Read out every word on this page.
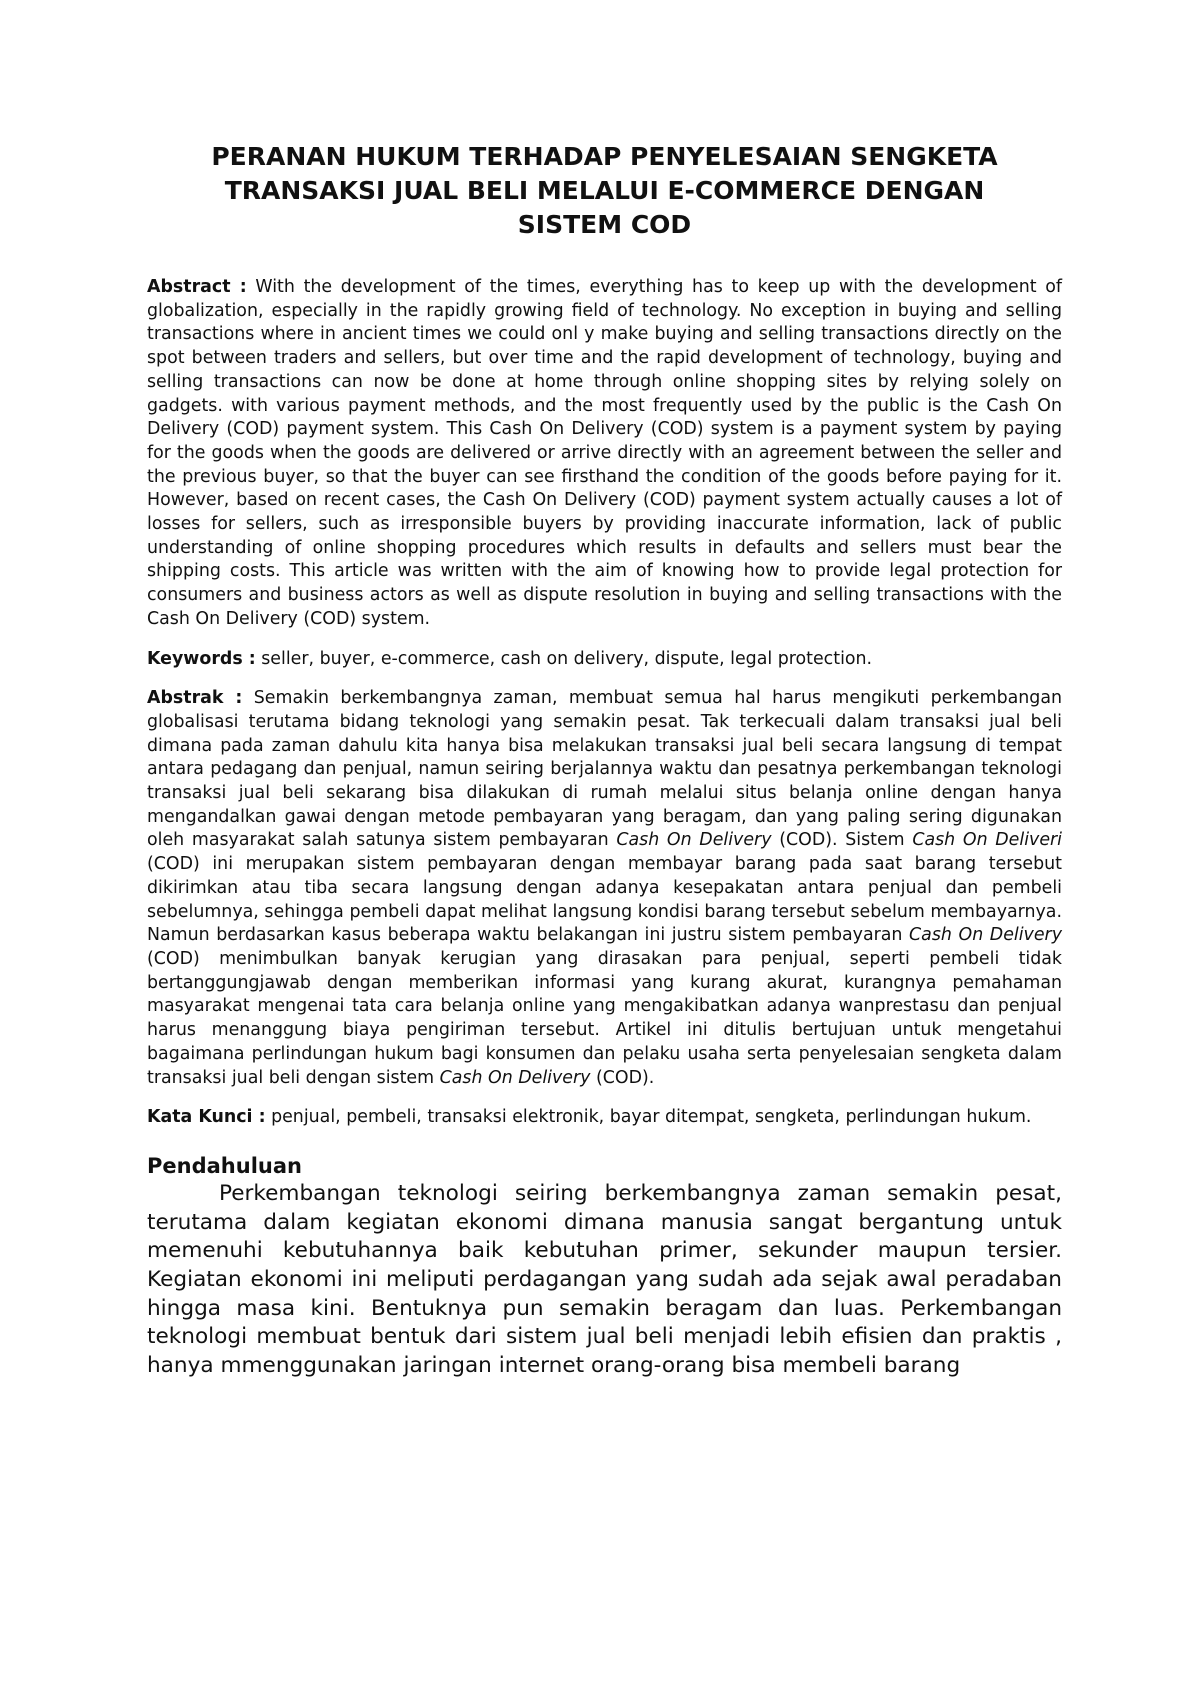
PERANAN HUKUM TERHADAP PENYELESAIAN SENGKETA
TRANSAKSI JUAL BELI MELALUI E-COMMERCE DENGAN
SISTEM COD

Abstract : With the development of the times, everything has to keep up with the development of globalization, especially in the rapidly growing field of technology. No exception in buying and selling transactions where in ancient times we could onl y make buying and selling transactions directly on the spot between traders and sellers, but over time and the rapid development of technology, buying and selling transactions can now be done at home through online shopping sites by relying solely on gadgets. with various payment methods, and the most frequently used by the public is the Cash On Delivery (COD) payment system. This Cash On Delivery (COD) system is a payment system by paying for the goods when the goods are delivered or arrive directly with an agreement between the seller and the previous buyer, so that the buyer can see firsthand the condition of the goods before paying for it. However, based on recent cases, the Cash On Delivery (COD) payment system actually causes a lot of losses for sellers, such as irresponsible buyers by providing inaccurate information, lack of public understanding of online shopping procedures which results in defaults and sellers must bear the shipping costs. This article was written with the aim of knowing how to provide legal protection for consumers and business actors as well as dispute resolution in buying and selling transactions with the Cash On Delivery (COD) system.

Keywords : seller, buyer, e-commerce, cash on delivery, dispute, legal protection.

Abstrak : Semakin berkembangnya zaman, membuat semua hal harus mengikuti perkembangan globalisasi terutama bidang teknologi yang semakin pesat. Tak terkecuali dalam transaksi jual beli dimana pada zaman dahulu kita hanya bisa melakukan transaksi jual beli secara langsung di tempat antara pedagang dan penjual, namun seiring berjalannya waktu dan pesatnya perkembangan teknologi transaksi jual beli sekarang bisa dilakukan di rumah melalui situs belanja online dengan hanya mengandalkan gawai dengan metode pembayaran yang beragam, dan yang paling sering digunakan oleh masyarakat salah satunya sistem pembayaran Cash On Delivery (COD). Sistem Cash On Deliveri (COD) ini merupakan sistem pembayaran dengan membayar barang pada saat barang tersebut dikirimkan atau tiba secara langsung dengan adanya kesepakatan antara penjual dan pembeli sebelumnya, sehingga pembeli dapat melihat langsung kondisi barang tersebut sebelum membayarnya. Namun berdasarkan kasus beberapa waktu belakangan ini justru sistem pembayaran Cash On Delivery (COD) menimbulkan banyak kerugian yang dirasakan para penjual, seperti pembeli tidak bertanggungjawab dengan memberikan informasi yang kurang akurat, kurangnya pemahaman masyarakat mengenai tata cara belanja online yang mengakibatkan adanya wanprestasu dan penjual harus menanggung biaya pengiriman tersebut. Artikel ini ditulis bertujuan untuk mengetahui bagaimana perlindungan hukum bagi konsumen dan pelaku usaha serta penyelesaian sengketa dalam transaksi jual beli dengan sistem Cash On Delivery (COD).

Kata Kunci : penjual, pembeli, transaksi elektronik, bayar ditempat, sengketa, perlindungan hukum.

Pendahuluan

Perkembangan teknologi seiring berkembangnya zaman semakin pesat, terutama dalam kegiatan ekonomi dimana manusia sangat bergantung untuk memenuhi kebutuhannya baik kebutuhan primer, sekunder maupun tersier. Kegiatan ekonomi ini meliputi perdagangan yang sudah ada sejak awal peradaban hingga masa kini. Bentuknya pun semakin beragam dan luas. Perkembangan teknologi membuat bentuk dari sistem jual beli menjadi lebih efisien dan praktis , hanya mmenggunakan jaringan internet orang-orang bisa membeli barang
